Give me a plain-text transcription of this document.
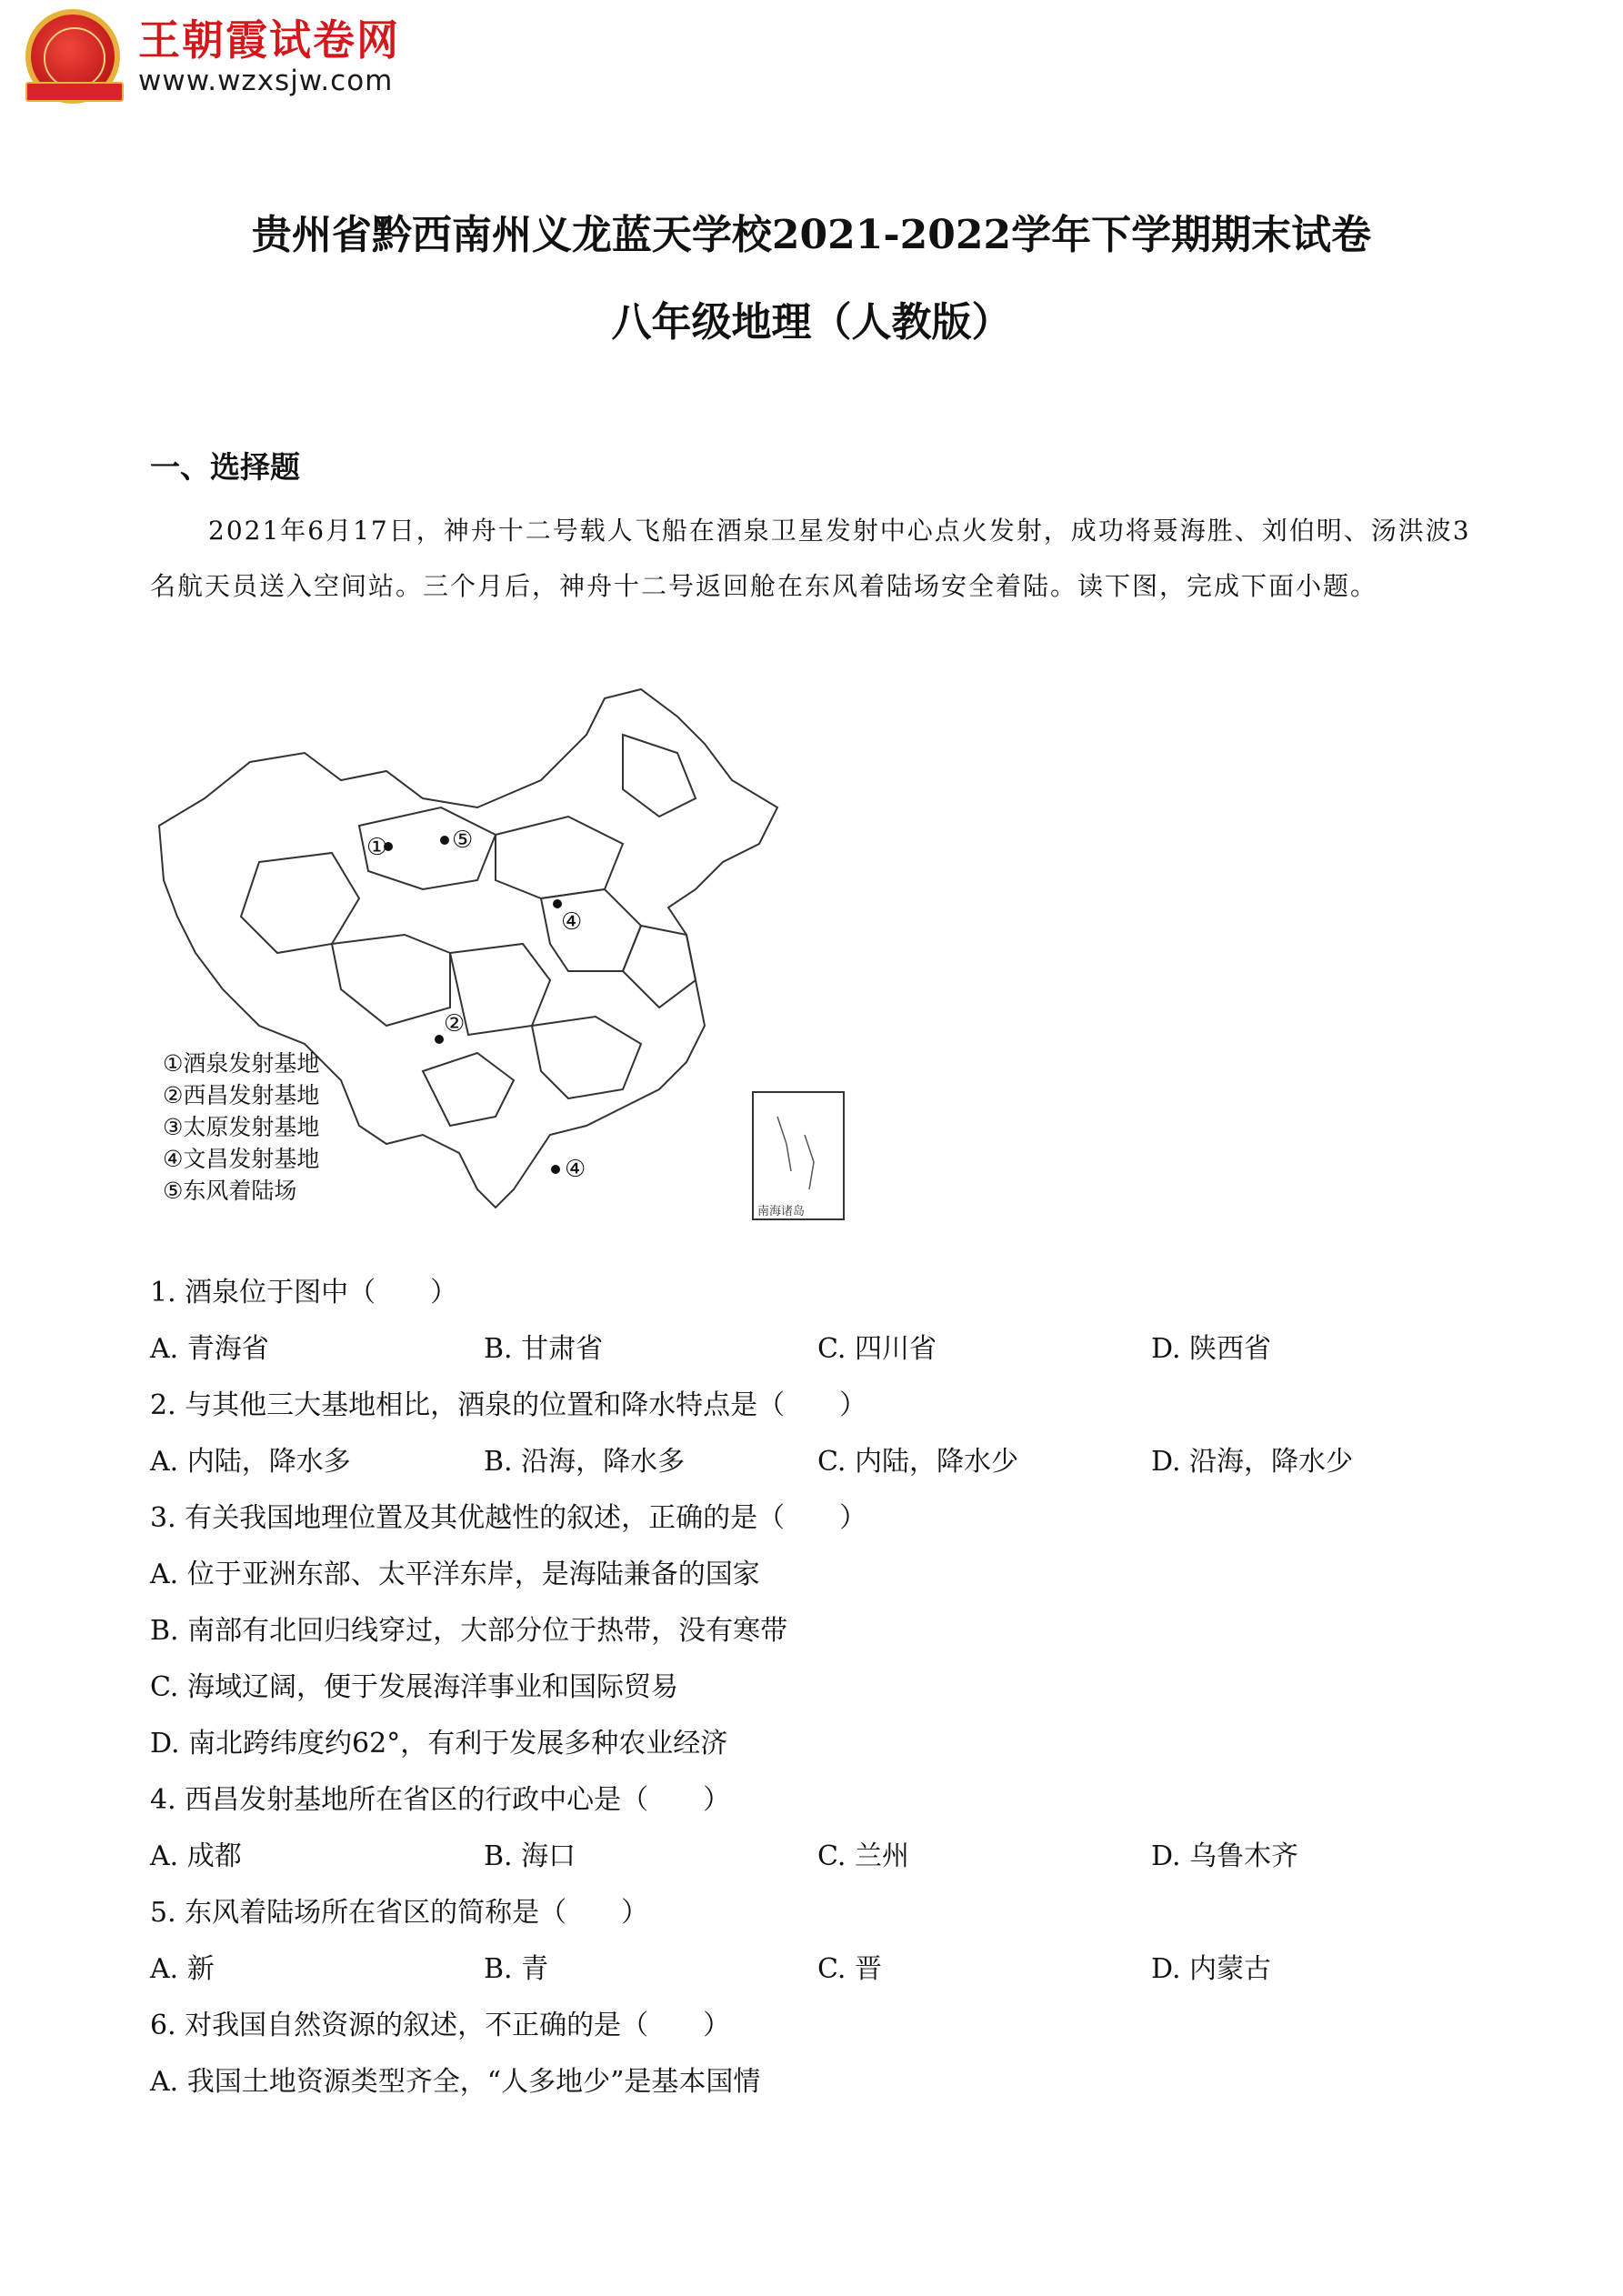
王朝霞试卷网
www.wzxsjw.com
贵州省黔西南州义龙蓝天学校2021-2022学年下学期期末试卷
八年级地理（人教版）
一、选择题
2021年6月17日，神舟十二号载人飞船在酒泉卫星发射中心点火发射，成功将聂海胜、刘伯明、汤洪波3名航天员送入空间站。三个月后，神舟十二号返回舱在东风着陆场安全着陆。读下图，完成下面小题。
①	⑤
④
②
④
①酒泉发射基地
②西昌发射基地
③太原发射基地
④文昌发射基地
⑤东风着陆场
南海诸岛
1. 酒泉位于图中（　　）
A. 青海省	B. 甘肃省	C. 四川省	D. 陕西省
2. 与其他三大基地相比，酒泉的位置和降水特点是（　　）
A. 内陆，降水多	B. 沿海，降水多	C. 内陆，降水少	D. 沿海，降水少
3. 有关我国地理位置及其优越性的叙述，正确的是（　　）
A. 位于亚洲东部、太平洋东岸，是海陆兼备的国家
B. 南部有北回归线穿过，大部分位于热带，没有寒带
C. 海域辽阔，便于发展海洋事业和国际贸易
D. 南北跨纬度约62°，有利于发展多种农业经济
4. 西昌发射基地所在省区的行政中心是（　　）
A. 成都	B. 海口	C. 兰州	D. 乌鲁木齐
5. 东风着陆场所在省区的简称是（　　）
A. 新	B. 青	C. 晋	D. 内蒙古
6. 对我国自然资源的叙述，不正确的是（　　）
A. 我国土地资源类型齐全，“人多地少”是基本国情
